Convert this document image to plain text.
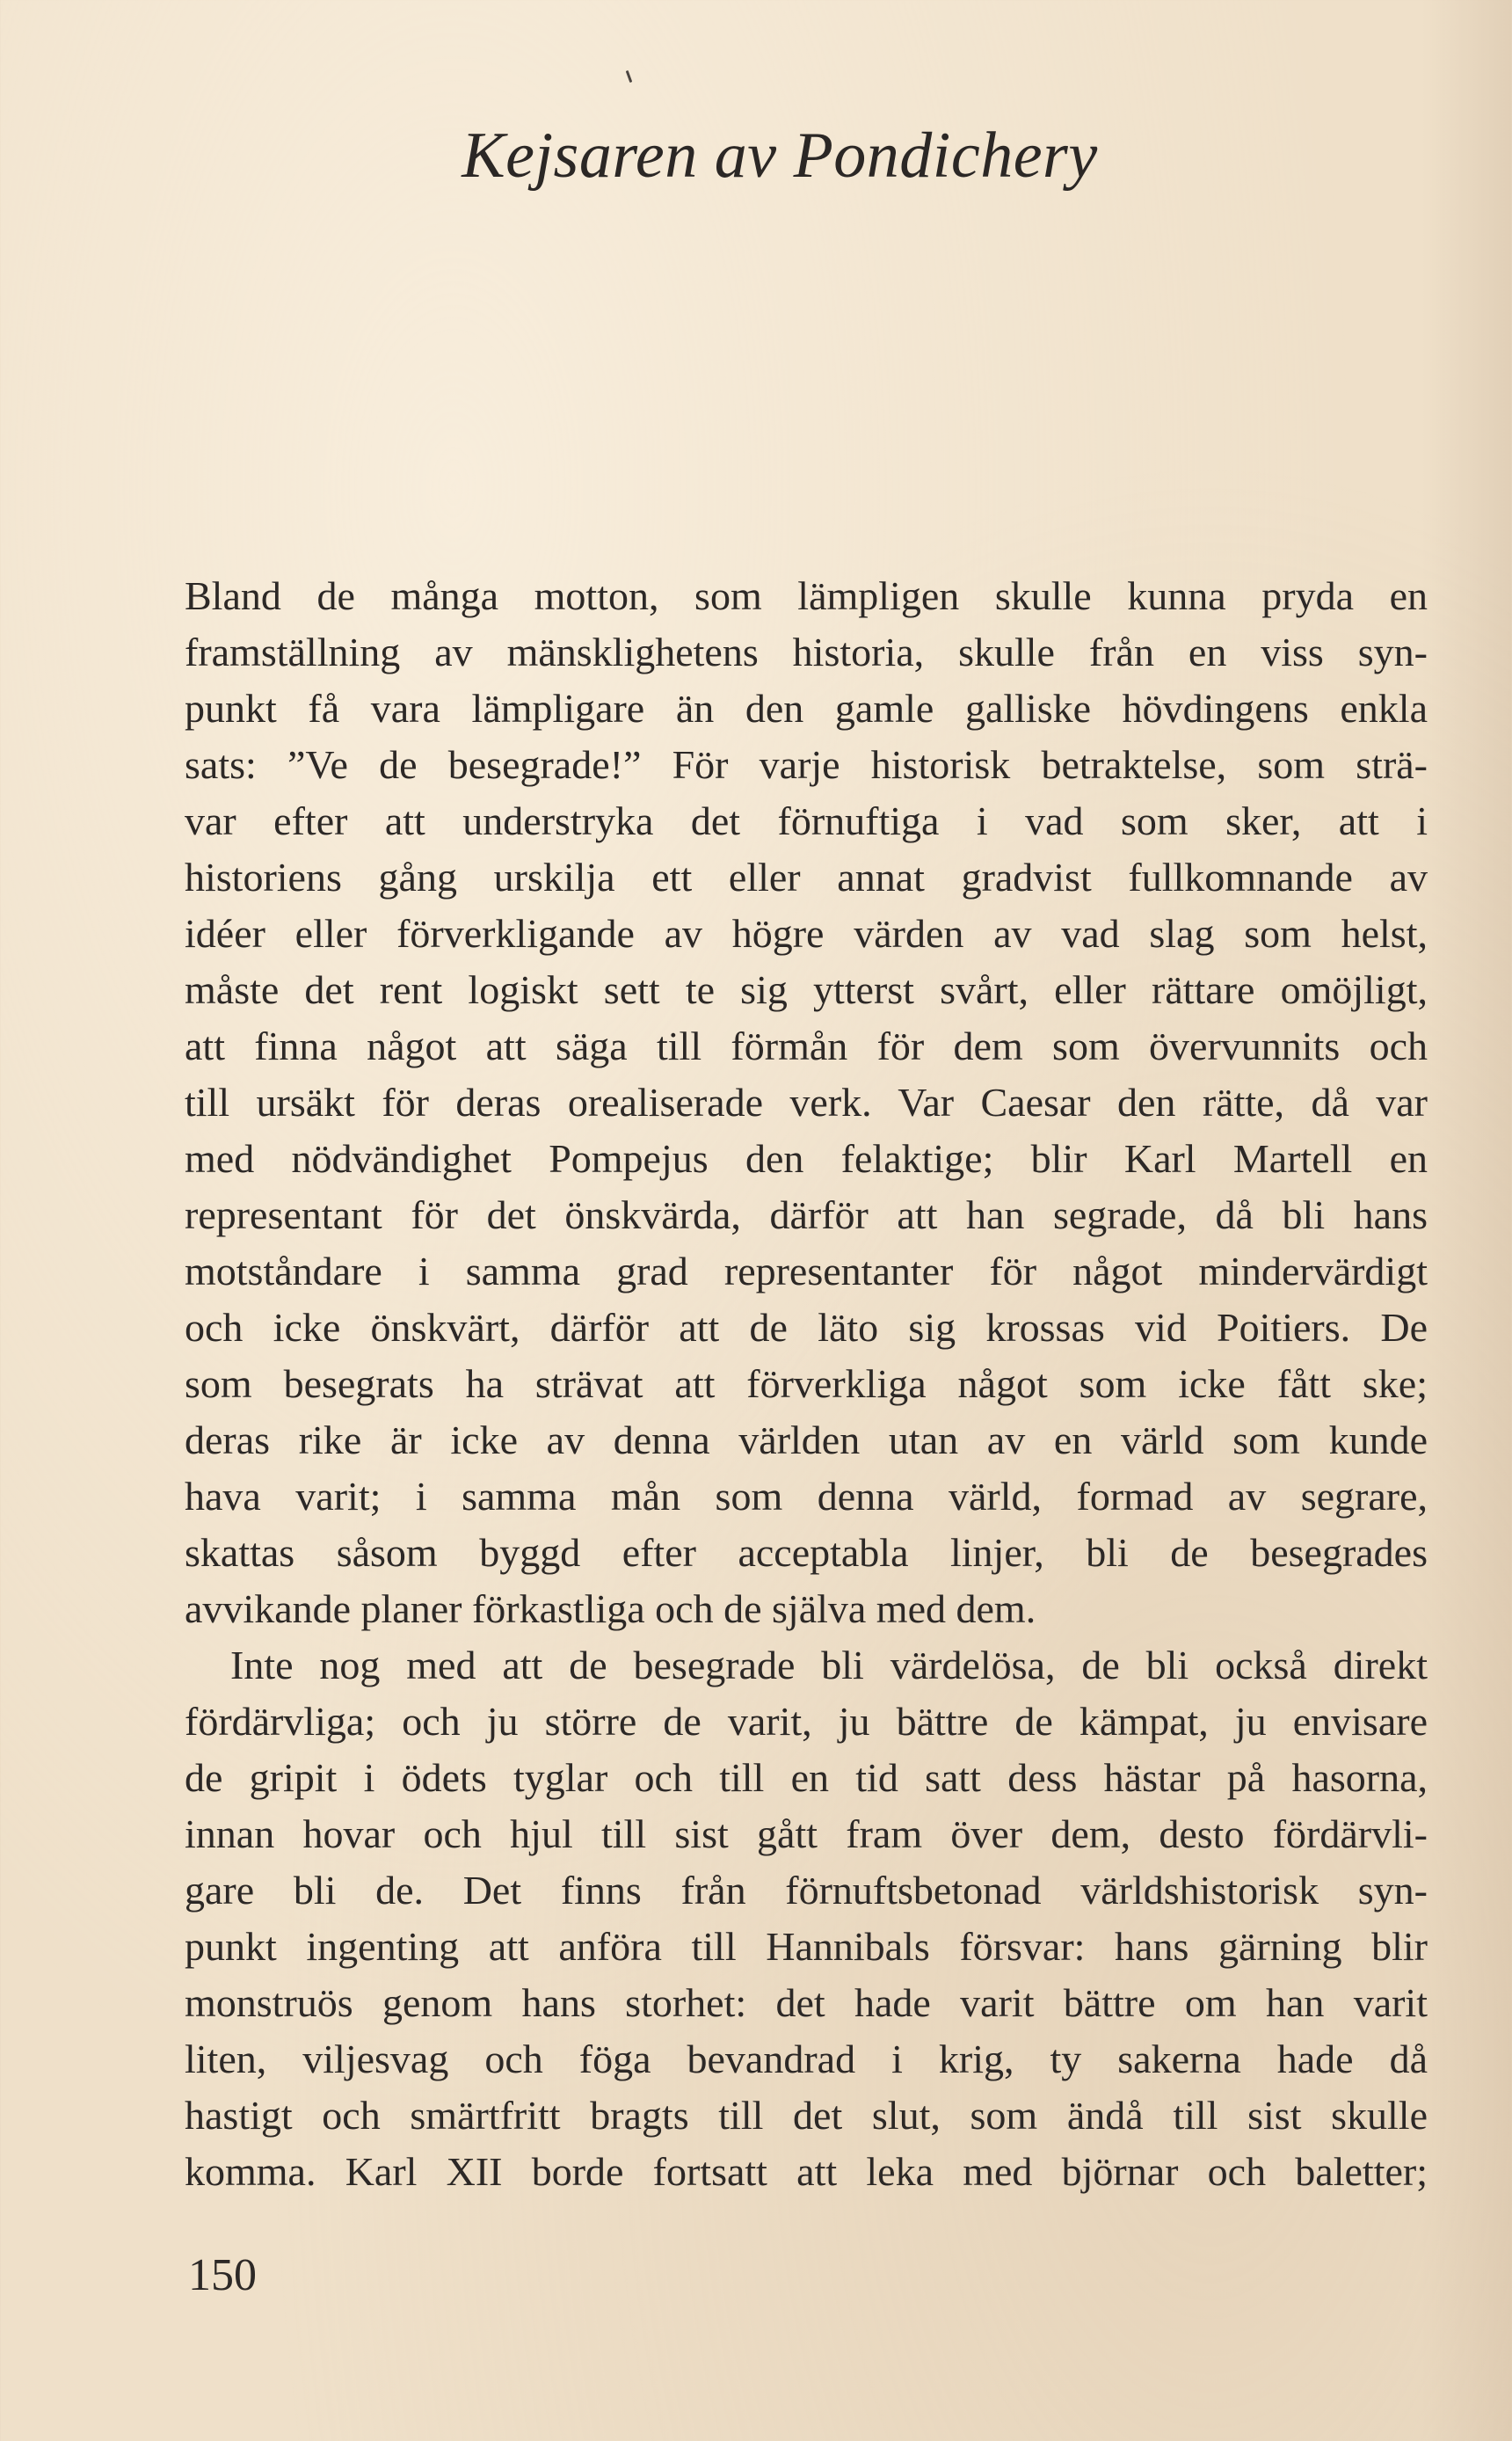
Kejsaren av Pondichery
Bland de många motton, som lämpligen skulle kunna pryda en
framställning av mänsklighetens historia, skulle från en viss syn-
punkt få vara lämpligare än den gamle galliske hövdingens enkla
sats: ”Ve de besegrade!” För varje historisk betraktelse, som strä-
var efter att understryka det förnuftiga i vad som sker, att i
historiens gång urskilja ett eller annat gradvist fullkomnande av
idéer eller förverkligande av högre värden av vad slag som helst,
måste det rent logiskt sett te sig ytterst svårt, eller rättare omöjligt,
att finna något att säga till förmån för dem som övervunnits och
till ursäkt för deras orealiserade verk. Var Caesar den rätte, då var
med nödvändighet Pompejus den felaktige; blir Karl Martell en
representant för det önskvärda, därför att han segrade, då bli hans
motståndare i samma grad representanter för något mindervärdigt
och icke önskvärt, därför att de läto sig krossas vid Poitiers. De
som besegrats ha strävat att förverkliga något som icke fått ske;
deras rike är icke av denna världen utan av en värld som kunde
hava varit; i samma mån som denna värld, formad av segrare,
skattas såsom byggd efter acceptabla linjer, bli de besegrades
avvikande planer förkastliga och de själva med dem.
Inte nog med att de besegrade bli värdelösa, de bli också direkt
fördärvliga; och ju större de varit, ju bättre de kämpat, ju envisare
de gripit i ödets tyglar och till en tid satt dess hästar på hasorna,
innan hovar och hjul till sist gått fram över dem, desto fördärvli-
gare bli de. Det finns från förnuftsbetonad världshistorisk syn-
punkt ingenting att anföra till Hannibals försvar: hans gärning blir
monstruös genom hans storhet: det hade varit bättre om han varit
liten, viljesvag och föga bevandrad i krig, ty sakerna hade då
hastigt och smärtfritt bragts till det slut, som ändå till sist skulle
komma. Karl XII borde fortsatt att leka med björnar och baletter;
150
